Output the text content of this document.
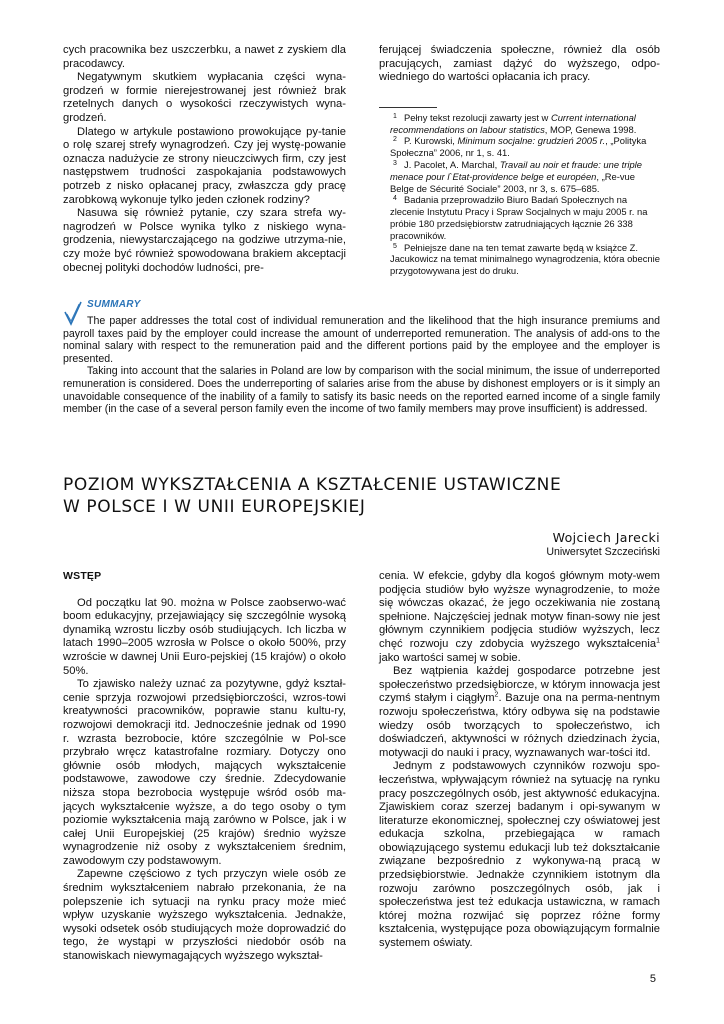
cych pracownika bez uszczerbku, a nawet z zyskiem dla pracodawcy.

Negatywnym skutkiem wypłacania części wyna-grodzeń w formie nierejestrowanej jest również brak rzetelnych danych o wysokości rzeczywistych wyna-grodzeń.

Dlatego w artykule postawiono prowokujące py-tanie o rolę szarej strefy wynagrodzeń. Czy jej wystę-powanie oznacza nadużycie ze strony nieuczciwych firm, czy jest następstwem trudności zaspokajania podstawowych potrzeb z nisko opłacanej pracy, zwłaszcza gdy pracę zarobkową wykonuje tylko jeden członek rodziny?

Nasuwa się również pytanie, czy szara strefa wy-nagrodzeń w Polsce wynika tylko z niskiego wyna-grodzenia, niewystarczającego na godziwe utrzyma-nie, czy może być również spowodowana brakiem akceptacji obecnej polityki dochodów ludności, pre-

ferującej świadczenia społeczne, również dla osób pracujących, zamiast dążyć do wyższego, odpo-wiedniego do wartości opłacania ich pracy.

1 Pełny tekst rezolucji zawarty jest w Current international recommendations on labour statistics, MOP, Genewa 1998.

2 P. Kurowski, Minimum socjalne: grudzień 2005 r., „Polityka Społeczna” 2006, nr 1, s. 41.

3 J. Pacolet, A. Marchal, Travail au noir et fraude: une triple menace pour l`Etat-providence belge et européen, „Re-vue Belge de Sécurité Sociale” 2003, nr 3, s. 675–685.

4 Badania przeprowadziło Biuro Badań Społecznych na zlecenie Instytutu Pracy i Spraw Socjalnych w maju 2005 r. na próbie 180 przedsiębiorstw zatrudniających łącznie 26 338 pracowników.

5 Pełniejsze dane na ten temat zawarte będą w książce Z. Jacukowicz na temat minimalnego wynagrodzenia, która obecnie przygotowywana jest do druku.

SUMMARY

The paper addresses the total cost of individual remuneration and the likelihood that the high insurance premiums and payroll taxes paid by the employer could increase the amount of underreported remuneration. The analysis of add-ons to the nominal salary with respect to the remuneration paid and the different portions paid by the employee and the employer is presented.

Taking into account that the salaries in Poland are low by comparison with the social minimum, the issue of underreported remuneration is considered. Does the underreporting of salaries arise from the abuse by dishonest employers or is it simply an unavoidable consequence of the inability of a family to satisfy its basic needs on the reported earned income of a single family member (in the case of a several person family even the income of two family members may prove insufficient) is addressed.

POZIOM WYKSZTAŁCENIA A KSZTAŁCENIE USTAWICZNE
W POLSCE I W UNII EUROPEJSKIEJ
Wojciech Jarecki
Uniwersytet Szczeciński
WSTĘP

Od początku lat 90. można w Polsce zaobserwo-wać boom edukacyjny, przejawiający się szczególnie wysoką dynamiką wzrostu liczby osób studiujących. Ich liczba w latach 1990–2005 wzrosła w Polsce o około 500%, przy wzroście w dawnej Unii Euro-pejskiej (15 krajów) o około 50%.

To zjawisko należy uznać za pozytywne, gdyż kształ-cenie sprzyja rozwojowi przedsiębiorczości, wzros-towi kreatywności pracowników, poprawie stanu kultu-ry, rozwojowi demokracji itd. Jednocześnie jednak od 1990 r. wzrasta bezrobocie, które szczególnie w Pol-sce przybrało wręcz katastrofalne rozmiary. Dotyczy ono głównie osób młodych, mających wykształcenie podstawowe, zawodowe czy średnie. Zdecydowanie niższa stopa bezrobocia występuje wśród osób ma-jących wykształcenie wyższe, a do tego osoby o tym poziomie wykształcenia mają zarówno w Polsce, jak i w całej Unii Europejskiej (25 krajów) średnio wyższe wynagrodzenie niż osoby z wykształceniem średnim, zawodowym czy podstawowym.

Zapewne częściowo z tych przyczyn wiele osób ze średnim wykształceniem nabrało przekonania, że na polepszenie ich sytuacji na rynku pracy może mieć wpływ uzyskanie wyższego wykształcenia. Jednakże, wysoki odsetek osób studiujących może doprowadzić do tego, że wystąpi w przyszłości niedobór osób na stanowiskach niewymagających wyższego wykształ-

cenia. W efekcie, gdyby dla kogoś głównym moty-wem podjęcia studiów było wyższe wynagrodzenie, to może się wówczas okazać, że jego oczekiwania nie zostaną spełnione. Najczęściej jednak motyw finan-sowy nie jest głównym czynnikiem podjęcia studiów wyższych, lecz chęć rozwoju czy zdobycia wyższego wykształcenia$^1$ jako wartości samej w sobie.

Bez wątpienia każdej gospodarce potrzebne jest społeczeństwo przedsiębiorcze, w którym innowacja jest czymś stałym i ciągłym$^2$. Bazuje ona na perma-nentnym rozwoju społeczeństwa, który odbywa się na podstawie wiedzy osób tworzących to społeczeństwo, ich doświadczeń, aktywności w różnych dziedzinach życia, motywacji do nauki i pracy, wyznawanych war-tości itd.

Jednym z podstawowych czynników rozwoju spo-łeczeństwa, wpływającym również na sytuację na rynku pracy poszczególnych osób, jest aktywność edukacyjna. Zjawiskiem coraz szerzej badanym i opi-sywanym w literaturze ekonomicznej, społecznej czy oświatowej jest edukacja szkolna, przebiegająca w ramach obowiązującego systemu edukacji lub też dokształcanie związane bezpośrednio z wykonywa-ną pracą w przedsiębiorstwie. Jednakże czynnikiem istotnym dla rozwoju zarówno poszczególnych osób, jak i społeczeństwa jest też edukacja ustawiczna, w ramach której można rozwijać się poprzez różne formy kształcenia, występujące poza obowiązującym formalnie systemem oświaty.

5
